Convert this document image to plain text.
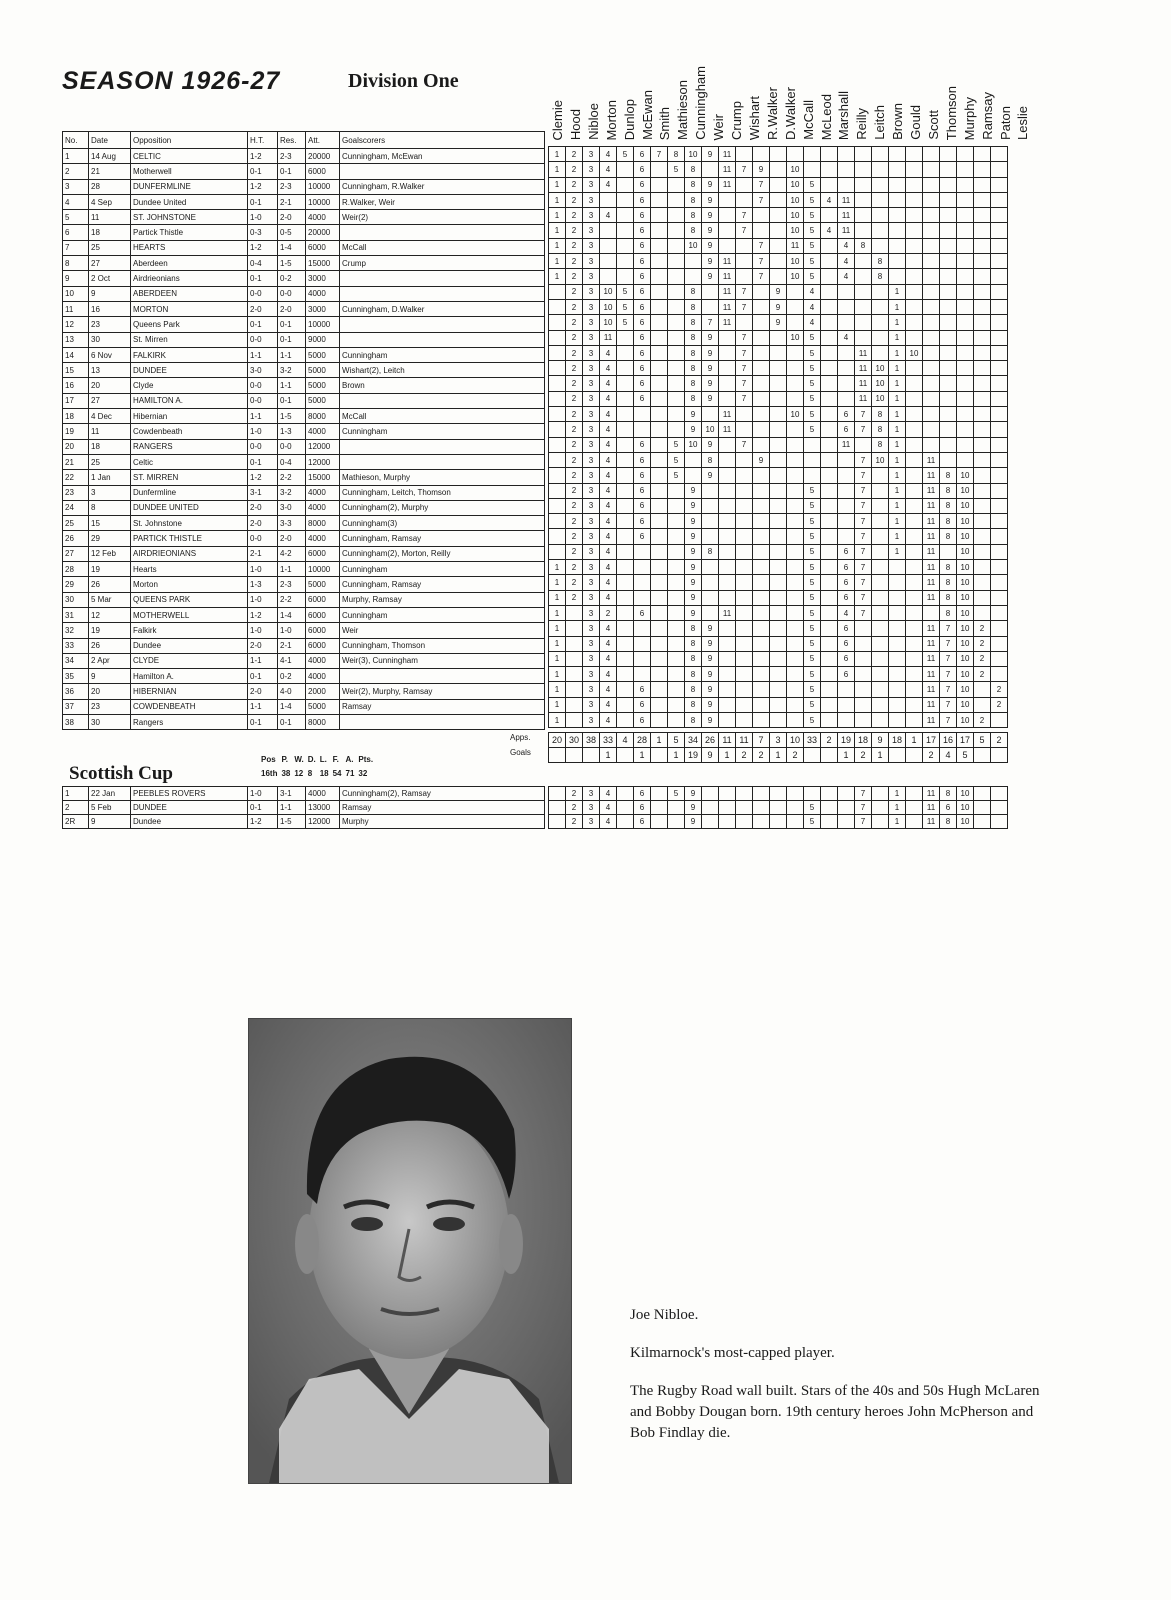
SEASON 1926-27	Division One
Clemie Hood Nibloe Morton Dunlop McEwan Smith Mathieson Cunningham Weir Crump Wishart R.Walker D.Walker McCall McLeod Marshall Reilly Leitch Brown Gould Scott Thomson Murphy Ramsay Paton Leslie
No.	Date	Opposition	H.T.	Res.	Att.	Goalscorers
1	14 Aug	CELTIC	1-2	2-3	20000	Cunningham, McEwan
2	21	Motherwell	0-1	0-1	6000	
3	28	DUNFERMLINE	1-2	2-3	10000	Cunningham, R.Walker
4	4 Sep	Dundee United	0-1	2-1	10000	R.Walker, Weir
5	11	ST. JOHNSTONE	1-0	2-0	4000	Weir(2)
6	18	Partick Thistle	0-3	0-5	20000	
7	25	HEARTS	1-2	1-4	6000	McCall
8	27	Aberdeen	0-4	1-5	15000	Crump
9	2 Oct	Airdrieonians	0-1	0-2	3000	
10	9	ABERDEEN	0-0	0-0	4000	
11	16	MORTON	2-0	2-0	3000	Cunningham, D.Walker
12	23	Queens Park	0-1	0-1	10000	
13	30	St. Mirren	0-0	0-1	9000	
14	6 Nov	FALKIRK	1-1	1-1	5000	Cunningham
15	13	DUNDEE	3-0	3-2	5000	Wishart(2), Leitch
16	20	Clyde	0-0	1-1	5000	Brown
17	27	HAMILTON A.	0-0	0-1	5000	
18	4 Dec	Hibernian	1-1	1-5	8000	McCall
19	11	Cowdenbeath	1-0	1-3	4000	Cunningham
20	18	RANGERS	0-0	0-0	12000	
21	25	Celtic	0-1	0-4	12000	
22	1 Jan	ST. MIRREN	1-2	2-2	15000	Mathieson, Murphy
23	3	Dunfermline	3-1	3-2	4000	Cunningham, Leitch, Thomson
24	8	DUNDEE UNITED	2-0	3-0	4000	Cunningham(2), Murphy
25	15	St. Johnstone	2-0	3-3	8000	Cunningham(3)
26	29	PARTICK THISTLE	0-0	2-0	4000	Cunningham, Ramsay
27	12 Feb	AIRDRIEONIANS	2-1	4-2	6000	Cunningham(2), Morton, Reilly
28	19	Hearts	1-0	1-1	10000	Cunningham
29	26	Morton	1-3	2-3	5000	Cunningham, Ramsay
30	5 Mar	QUEENS PARK	1-0	2-2	6000	Murphy, Ramsay
31	12	MOTHERWELL	1-2	1-4	6000	Cunningham
32	19	Falkirk	1-0	1-0	6000	Weir
33	26	Dundee	2-0	2-1	6000	Cunningham, Thomson
34	2 Apr	CLYDE	1-1	4-1	4000	Weir(3), Cunningham
35	9	Hamilton A.	0-1	0-2	4000	
36	20	HIBERNIAN	2-0	4-0	2000	Weir(2), Murphy, Ramsay
37	23	COWDENBEATH	1-1	1-4	5000	Ramsay
38	30	Rangers	0-1	0-1	8000	
1	2	3	4	5	6	7	8	10	9	11																
1	2	3	4		6		5	8		11	7	9		10												
1	2	3	4		6			8	9	11		7		10	5											
1	2	3			6			8	9			7		10	5	4	11									
1	2	3	4		6			8	9		7			10	5		11									
1	2	3			6			8	9		7			10	5	4	11									
1	2	3			6			10	9			7		11	5		4	8								
1	2	3			6				9	11		7		10	5		4		8							
1	2	3			6				9	11		7		10	5		4		8							
	2	3	10	5	6			8		11	7		9		4					1						
	2	3	10	5	6			8		11	7		9		4					1						
	2	3	10	5	6			8	7	11			9		4					1						
	2	3	11		6			8	9		7			10	5		4			1						
	2	3	4		6			8	9		7				5			11		1	10					
	2	3	4		6			8	9		7				5			11	10	1						
	2	3	4		6			8	9		7				5			11	10	1						
	2	3	4		6			8	9		7				5			11	10	1						
	2	3	4					9		11				10	5		6	7	8	1						
	2	3	4					9	10	11					5		6	7	8	1						
	2	3	4		6		5	10	9		7						11		8	1						
	2	3	4		6		5		8			9						7	10	1		11				
	2	3	4		6		5		9									7		1		11	8	10		
	2	3	4		6			9							5			7		1		11	8	10		
	2	3	4		6			9							5			7		1		11	8	10		
	2	3	4		6			9							5			7		1		11	8	10		
	2	3	4		6			9							5			7		1		11	8	10		
	2	3	4					9	8						5		6	7		1		11		10		
1	2	3	4					9							5		6	7				11	8	10		
1	2	3	4					9							5		6	7				11	8	10		
1	2	3	4					9							5		6	7				11	8	10		
1		3	2		6			9		11					5		4	7					8	10		
1		3	4					8	9						5		6					11	7	10	2	
1		3	4					8	9						5		6					11	7	10	2	
1		3	4					8	9						5		6					11	7	10	2	
1		3	4					8	9						5		6					11	7	10	2	
1		3	4		6			8	9						5							11	7	10		2
1		3	4		6			8	9						5							11	7	10		2
1		3	4		6			8	9						5							11	7	10	2	
Apps.
Goals
20	30	38	33	4	28	1	5	34	26	11	11	7	3	10	33	2	19	18	9	18	1	17	16	17	5	2
			1		1		1	19	9	1	2	2	1	2			1	2	1			2	4	5		
Pos	P.	W.	D.	L.	F.	A.	Pts.
16th	38	12	8	18	54	71	32
Scottish Cup
1	22 Jan	PEEBLES ROVERS	1-0	3-1	4000	Cunningham(2), Ramsay
2	5 Feb	DUNDEE	0-1	1-1	13000	Ramsay
2R	9	Dundee	1-2	1-5	12000	Murphy
	2	3	4		6		5	9										7		1		11	8	10		
	2	3	4		6			9							5			7		1		11	6	10		
	2	3	4		6			9							5			7		1		11	8	10		

Joe Nibloe.

Kilmarnock's most-capped player.

The Rugby Road wall built. Stars of the 40s and 50s Hugh McLaren and Bobby Dougan born. 19th century heroes John McPherson and Bob Findlay die.
